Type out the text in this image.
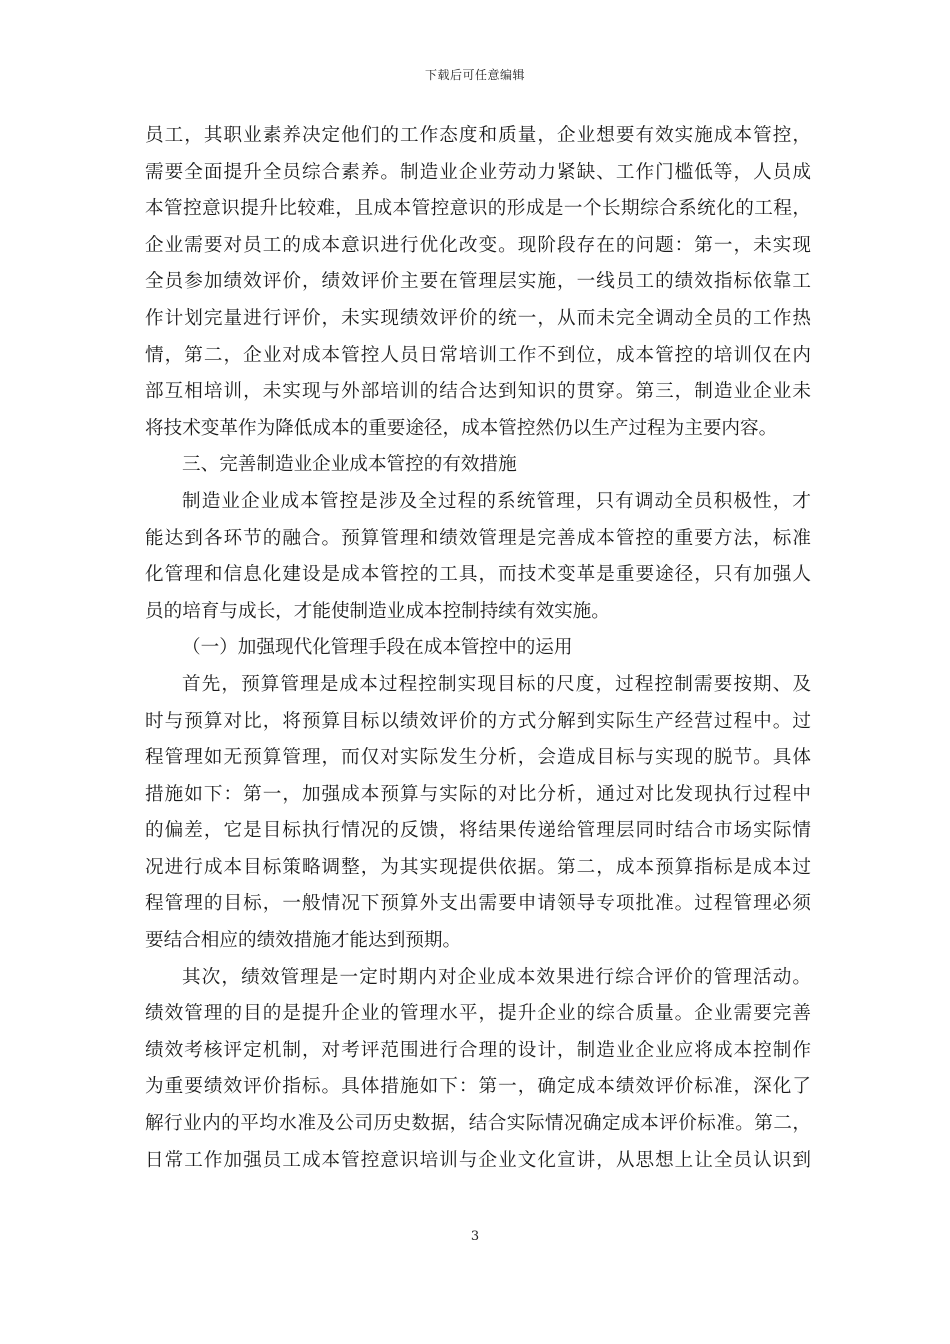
下载后可任意编辑
员工，其职业素养决定他们的工作态度和质量，企业想要有效实施成本管控，
需要全面提升全员综合素养。制造业企业劳动力紧缺、工作门槛低等，人员成
本管控意识提升比较难，且成本管控意识的形成是一个长期综合系统化的工程，
企业需要对员工的成本意识进行优化改变。现阶段存在的问题：第一，未实现
全员参加绩效评价，绩效评价主要在管理层实施，一线员工的绩效指标依靠工
作计划完量进行评价，未实现绩效评价的统一，从而未完全调动全员的工作热
情，第二，企业对成本管控人员日常培训工作不到位，成本管控的培训仅在内
部互相培训，未实现与外部培训的结合达到知识的贯穿。第三，制造业企业未
将技术变革作为降低成本的重要途径，成本管控然仍以生产过程为主要内容。
三、完善制造业企业成本管控的有效措施
制造业企业成本管控是涉及全过程的系统管理，只有调动全员积极性，才
能达到各环节的融合。预算管理和绩效管理是完善成本管控的重要方法，标准
化管理和信息化建设是成本管控的工具，而技术变革是重要途径，只有加强人
员的培育与成长，才能使制造业成本控制持续有效实施。
（一）加强现代化管理手段在成本管控中的运用
首先，预算管理是成本过程控制实现目标的尺度，过程控制需要按期、及
时与预算对比，将预算目标以绩效评价的方式分解到实际生产经营过程中。过
程管理如无预算管理，而仅对实际发生分析，会造成目标与实现的脱节。具体
措施如下：第一，加强成本预算与实际的对比分析，通过对比发现执行过程中
的偏差，它是目标执行情况的反馈，将结果传递给管理层同时结合市场实际情
况进行成本目标策略调整，为其实现提供依据。第二，成本预算指标是成本过
程管理的目标，一般情况下预算外支出需要申请领导专项批准。过程管理必须
要结合相应的绩效措施才能达到预期。
其次，绩效管理是一定时期内对企业成本效果进行综合评价的管理活动。
绩效管理的目的是提升企业的管理水平，提升企业的综合质量。企业需要完善
绩效考核评定机制，对考评范围进行合理的设计，制造业企业应将成本控制作
为重要绩效评价指标。具体措施如下：第一，确定成本绩效评价标准，深化了
解行业内的平均水准及公司历史数据，结合实际情况确定成本评价标准。第二，
日常工作加强员工成本管控意识培训与企业文化宣讲，从思想上让全员认识到
3
